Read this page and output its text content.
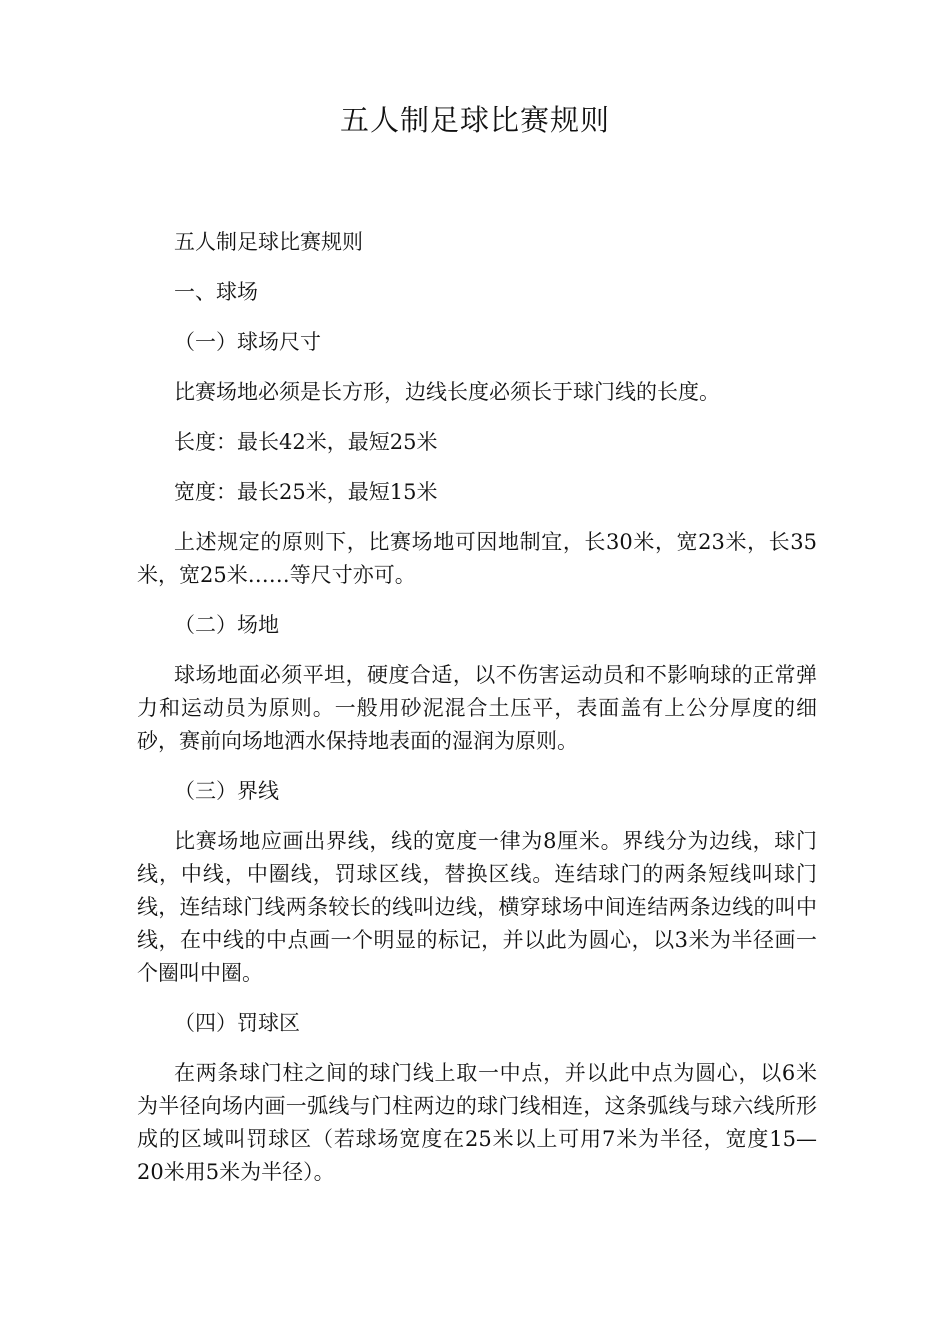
五人制足球比赛规则

五人制足球比赛规则

一、球场

（一）球场尺寸

比赛场地必须是长方形，边线长度必须长于球门线的长度。

长度：最长42米，最短25米

宽度：最长25米，最短15米

上述规定的原则下，比赛场地可因地制宜，长30米，宽23米，长35米，宽25米……等尺寸亦可。

（二）场地

球场地面必须平坦，硬度合适，以不伤害运动员和不影响球的正常弹力和运动员为原则。一般用砂泥混合土压平，表面盖有上公分厚度的细砂，赛前向场地洒水保持地表面的湿润为原则。

（三）界线

比赛场地应画出界线，线的宽度一律为8厘米。界线分为边线，球门线，中线，中圈线，罚球区线，替换区线。连结球门的两条短线叫球门线，连结球门线两条较长的线叫边线，横穿球场中间连结两条边线的叫中线，在中线的中点画一个明显的标记，并以此为圆心，以3米为半径画一个圈叫中圈。

（四）罚球区

在两条球门柱之间的球门线上取一中点，并以此中点为圆心，以6米为半径向场内画一弧线与门柱两边的球门线相连，这条弧线与球六线所形成的区域叫罚球区（若球场宽度在25米以上可用7米为半径，宽度15—20米用5米为半径）。
